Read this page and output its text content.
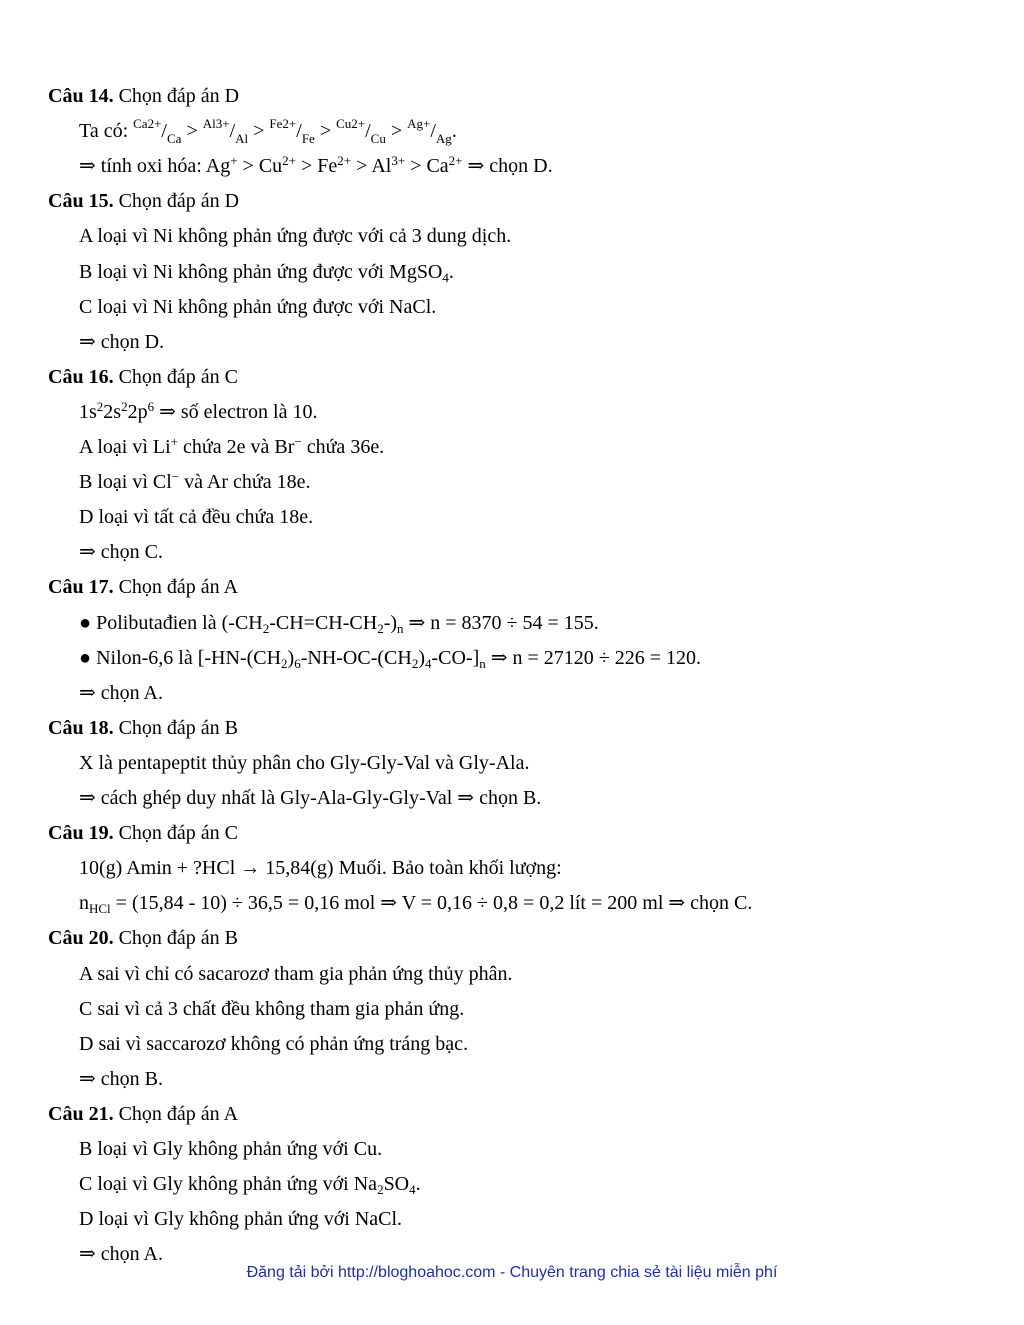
Câu 14. Chọn đáp án D
Ta có: $^{Ca2+}/_{Ca} > ^{Al3+}/_{Al} > ^{Fe2+}/_{Fe} > ^{Cu2+}/_{Cu} > ^{Ag+}/_{Ag}$.
⇒ tính oxi hóa: $Ag^+ > Cu^{2+} > Fe^{2+} > Al^{3+} > Ca^{2+}$ ⇒ chọn D.
Câu 15. Chọn đáp án D
A loại vì Ni không phản ứng được với cả 3 dung dịch.
B loại vì Ni không phản ứng được với MgSO$_4$.
C loại vì Ni không phản ứng được với NaCl.
⇒ chọn D.
Câu 16. Chọn đáp án C
$1s^22s^22p^6$ ⇒ số electron là 10.
A loại vì Li+ chứa 2e và Br− chứa 36e.
B loại vì Cl− và Ar chứa 18e.
D loại vì tất cả đều chứa 18e.
⇒ chọn C.
Câu 17. Chọn đáp án A
● Polibutađien là $(-CH_2-CH=CH-CH_2-)_n$ ⇒ n = 8370 ÷ 54 = 155.
● Nilon-6,6 là $[-HN-(CH_2)_6-NH-OC-(CH_2)_4-CO-]_n$ ⇒ n = 27120 ÷ 226 = 120.
⇒ chọn A.
Câu 18. Chọn đáp án B
X là pentapeptit thủy phân cho Gly-Gly-Val và Gly-Ala.
⇒ cách ghép duy nhất là Gly-Ala-Gly-Gly-Val ⇒ chọn B.
Câu 19. Chọn đáp án C
10(g) Amin + ?HCl → 15,84(g) Muối. Bảo toàn khối lượng:
$n_{HCl} = (15,84 - 10) \div 36,5 = 0,16$ mol ⇒ V = 0,16 ÷ 0,8 = 0,2 lít = 200 ml ⇒ chọn C.
Câu 20. Chọn đáp án B
A sai vì chỉ có sacarozơ tham gia phản ứng thủy phân.
C sai vì cả 3 chất đều không tham gia phản ứng.
D sai vì saccarozơ không có phản ứng tráng bạc.
⇒ chọn B.
Câu 21. Chọn đáp án A
B loại vì Gly không phản ứng với Cu.
C loại vì Gly không phản ứng với $Na_2SO_4$.
D loại vì Gly không phản ứng với NaCl.
⇒ chọn A.
Đăng tải bởi http://bloghoahoc.com - Chuyên trang chia sẻ tài liệu miễn phí
